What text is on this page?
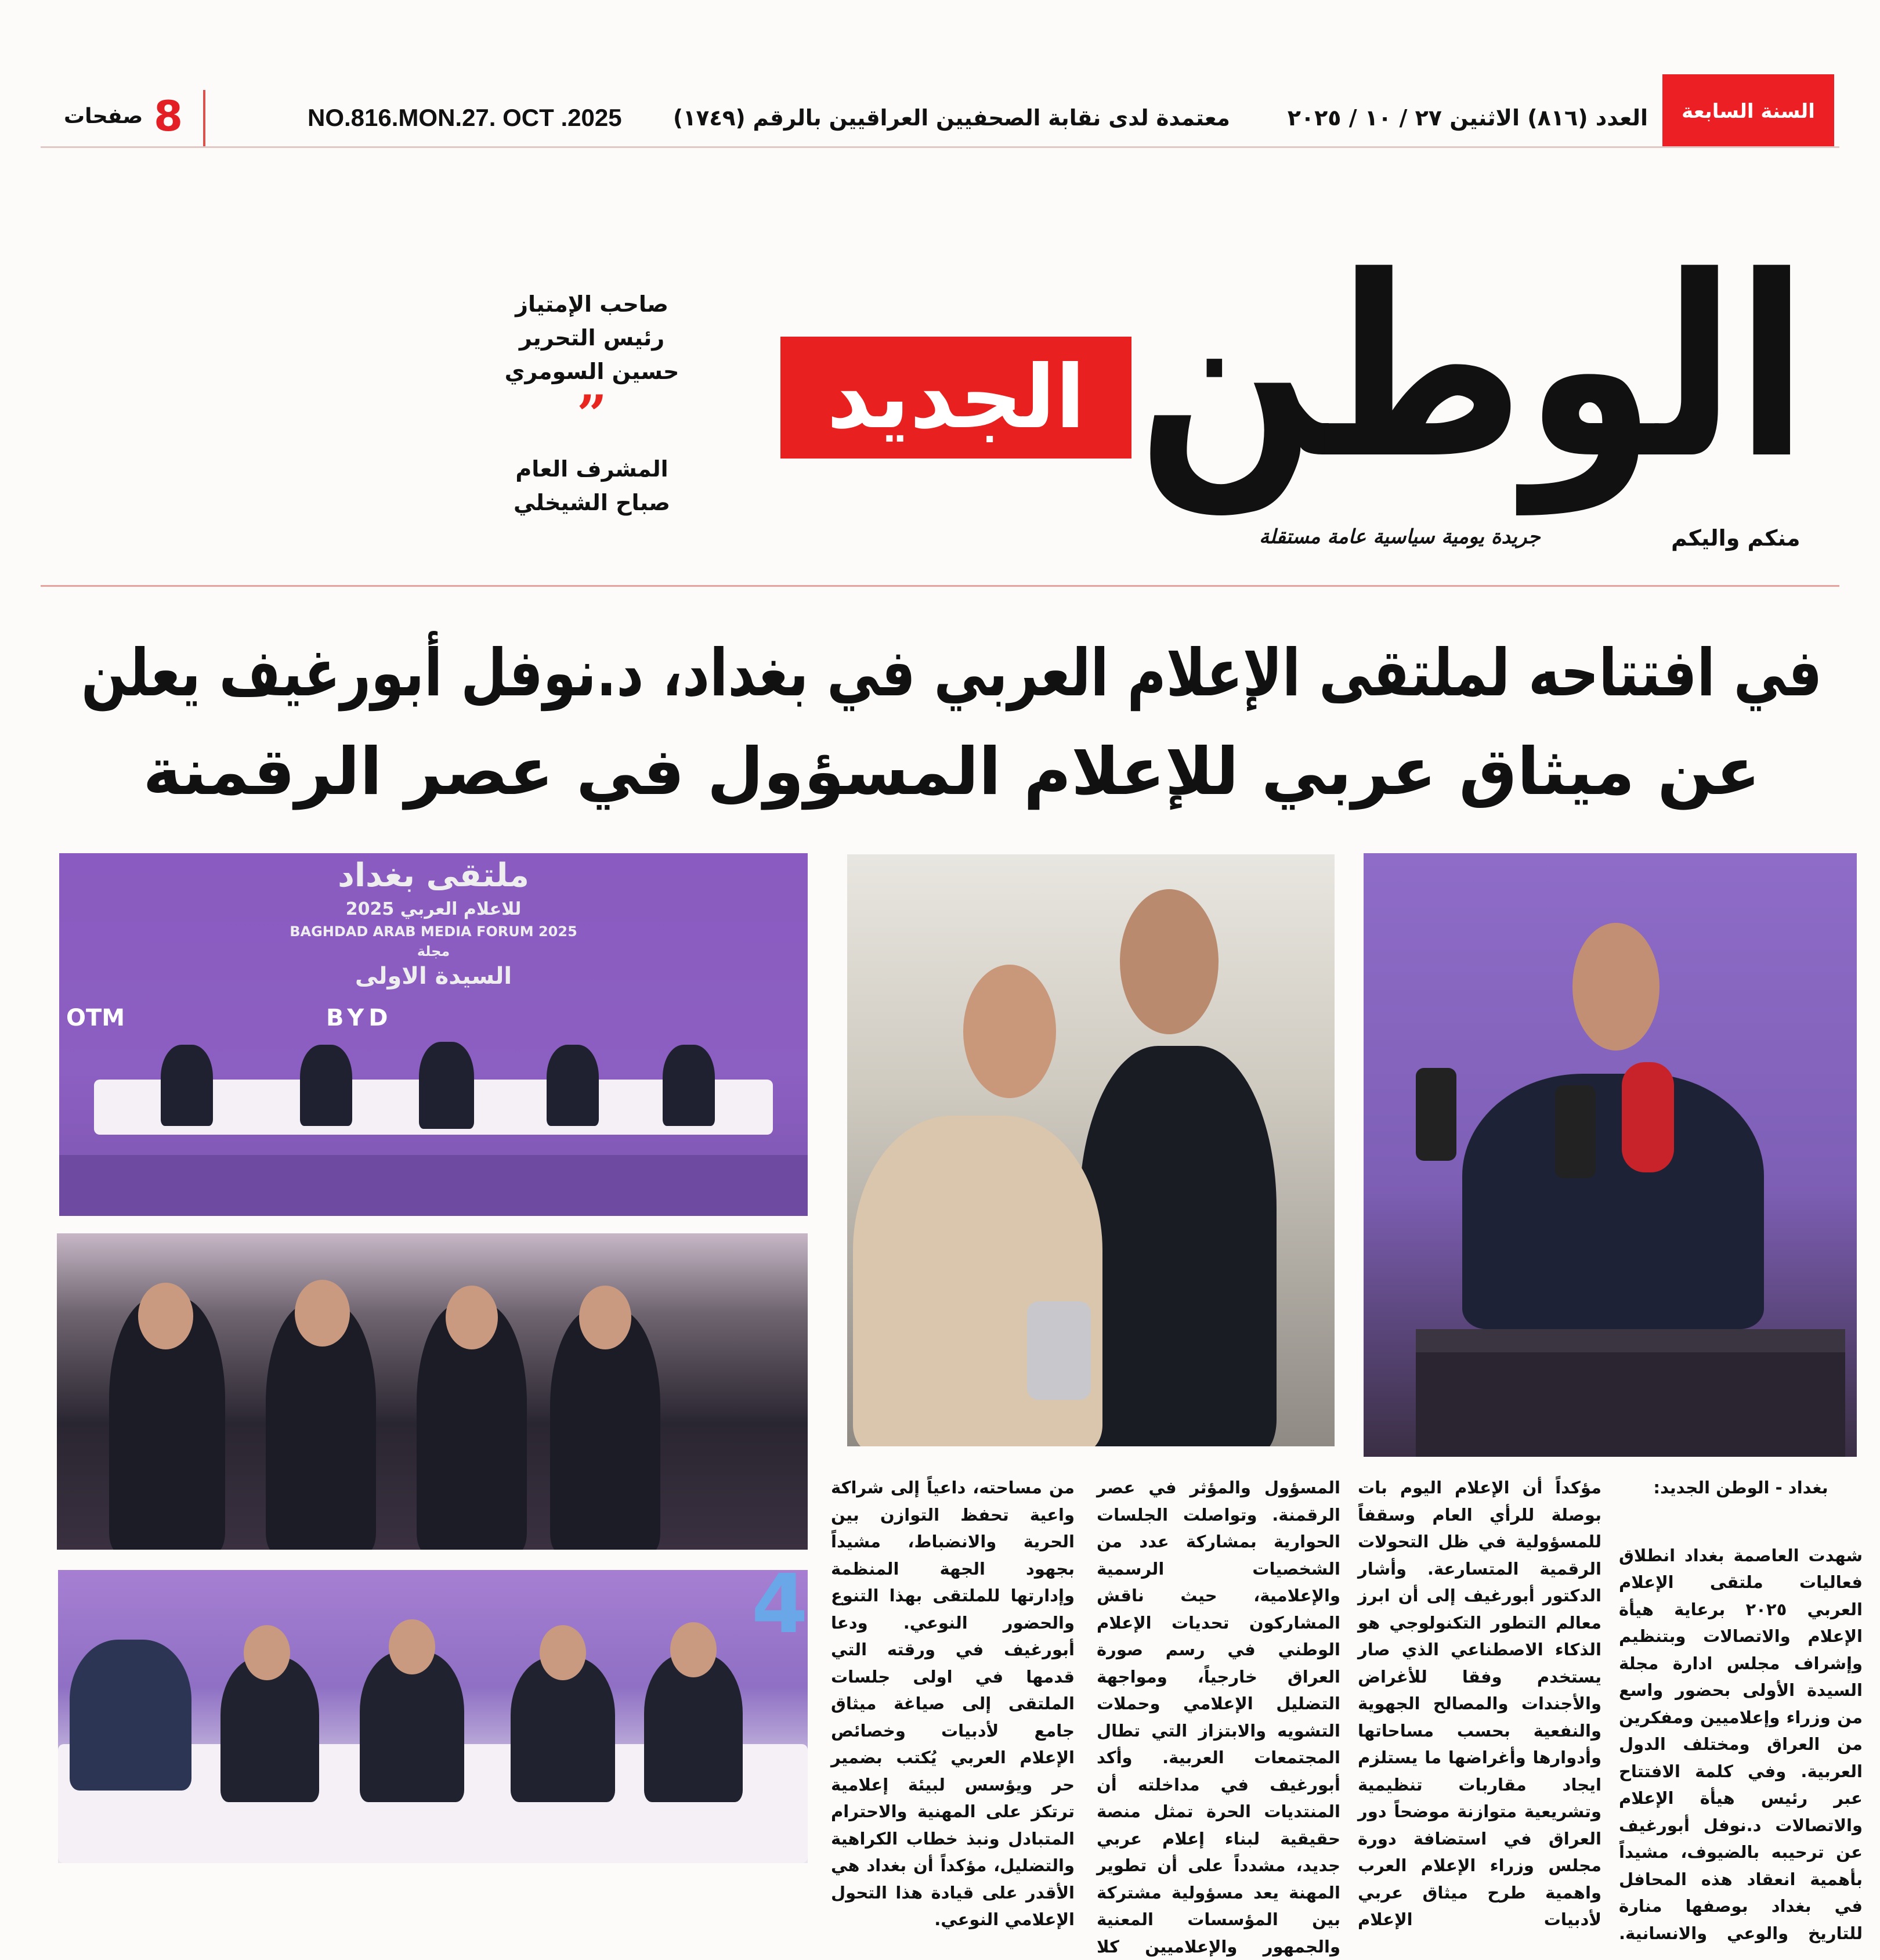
السنة السابعة
العدد (٨١٦) الاثنين ٢٧ / ١٠ / ٢٠٢٥
معتمدة لدى نقابة الصحفيين العراقيين بالرقم (١٧٤٩)
NO.816.MON.27. OCT .2025
8
صفحات
الوطن
الجديد
منكم واليكم
جريدة يومية سياسية عامة مستقلة
صاحب الإمتياز
رئيس التحرير
حسين السومري
”
المشرف العام
صباح الشيخلي
في افتتاحه لملتقى الإعلام العربي في بغداد، د.نوفل أبورغيف يعلن
عن ميثاق عربي للإعلام المسؤول في عصر الرقمنة
ملتقى بغداد
للاعلام العربي 2025
BAGHDAD ARAB MEDIA FORUM 2025
مجلة
السيدة الاولى
OTM	BYD
4

بغداد - الوطن الجديد:

شهدت العاصمة بغداد انطلاق فعاليات ملتقى الإعلام العربي ٢٠٢٥ برعاية هيأة الإعلام والاتصالات وبتنظيم وإشراف مجلس ادارة مجلة السيدة الأولى بحضور واسع من وزراء وإعلاميين ومفكرين من العراق ومختلف الدول العربية. وفي كلمة الافتتاح عبر رئيس هيأة الإعلام والاتصالات د.نوفل أبورغيف عن ترحيبه بالضيوف، مشيداً بأهمية انعقاد هذه المحافل في بغداد بوصفها منارة للتاريخ والوعي والانسانية.

مؤكداً أن الإعلام اليوم بات بوصلة للرأي العام وسقفاً للمسؤولية في ظل التحولات الرقمية المتسارعة. وأشار الدكتور أبورغيف إلى أن ابرز معالم التطور التكنولوجي هو الذكاء الاصطناعي الذي صار يستخدم وفقا للأغراض والأجندات والمصالح الجهوية والنفعية بحسب مساحاتها وأدوارها وأغراضها ما يستلزم ايجاد مقاربات تنظيمية وتشريعية متوازنة موضحاً دور العراق في استضافة دورة مجلس وزراء الإعلام العرب واهمية طرح ميثاق عربي لأدبيات الإعلام

المسؤول والمؤثر في عصر الرقمنة. وتواصلت الجلسات الحوارية بمشاركة عدد من الشخصيات الرسمية والإعلامية، حيث ناقش المشاركون تحديات الإعلام الوطني في رسم صورة العراق خارجياً، ومواجهة التضليل الإعلامي وحملات التشويه والابتزاز التي تطال المجتمعات العربية. وأكد أبورغيف في مداخلته أن المنتديات الحرة تمثل منصة حقيقية لبناء إعلام عربي جديد، مشدداً على أن تطوير المهنة يعد مسؤولية مشتركة بين المؤسسات المعنية والجمهور والإعلاميين كلا

من مساحته، داعياً إلى شراكة واعية تحفظ التوازن بين الحرية والانضباط، مشيداً بجهود الجهة المنظمة وإدارتها للملتقى بهذا التنوع والحضور النوعي. ودعا أبورغيف في ورقته التي قدمها في اولى جلسات الملتقى إلى صياغة ميثاق جامع لأدبيات وخصائص الإعلام العربي يُكتب بضمير حر ويؤسس لبيئة إعلامية ترتكز على المهنية والاحترام المتبادل ونبذ خطاب الكراهية والتضليل، مؤكداً أن بغداد هي الأقدر على قيادة هذا التحول الإعلامي النوعي.
